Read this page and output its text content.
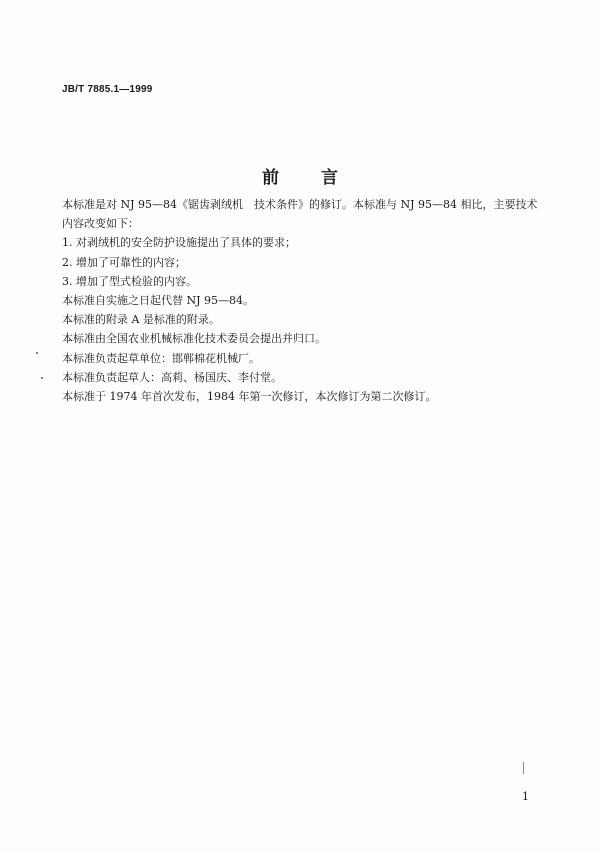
JB/T 7885.1—1999
前 言

本标准是对 NJ 95—84《锯齿剥绒机　技术条件》的修订。本标准与 NJ 95—84 相比，主要技术内容改变如下：

1. 对剥绒机的安全防护设施提出了具体的要求；

2. 增加了可靠性的内容；

3. 增加了型式检验的内容。

本标准自实施之日起代替 NJ 95—84。

本标准的附录 A 是标准的附录。

本标准由全国农业机械标准化技术委员会提出并归口。

本标准负责起草单位：邯郸棉花机械厂。

本标准负责起草人：高莉、杨国庆、李付堂。

本标准于 1974 年首次发布，1984 年第一次修订，本次修订为第二次修订。

1
